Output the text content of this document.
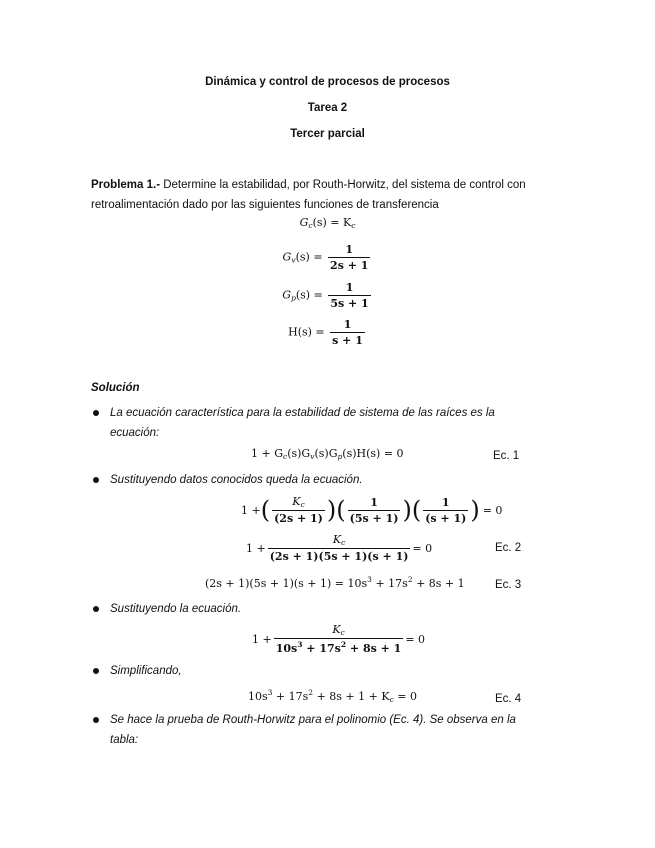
Dinámica y control de procesos de procesos
Tarea 2
Tercer parcial
Problema 1.- Determine la estabilidad, por Routh-Horwitz, del sistema de control con
retroalimentación dado por las siguientes funciones de transferencia
$G_c(s) = K_c$
$G_v(s) = \frac{1}{2s + 1}$
$G_p(s) = \frac{1}{5s + 1}$
$H(s) = \frac{1}{s + 1}$
Solución
La ecuación característica para la estabilidad de sistema de las raíces es la
ecuación:
$1 + G_c(s)G_v(s)G_p(s)H(s) = 0$	Ec. 1
Sustituyendo datos conocidos queda la ecuación.
1 + ( $\frac{K_c}{(2s + 1)}$ ) ( $\frac{1}{(5s + 1)}$ ) ( $\frac{1}{(s + 1)}$ ) = 0
$1 + \frac{K_c}{(2s + 1)(5s + 1)(s + 1)} = 0$	Ec. 2
$(2s + 1)(5s + 1)(s + 1) = 10s^3 + 17s^2 + 8s + 1$	Ec. 3
Sustituyendo la ecuación.
$1 + \frac{K_c}{10s^3 + 17s^2 + 8s + 1} = 0$
Simplificando,
$10s^3 + 17s^2 + 8s + 1 + K_c = 0$	Ec. 4
Se hace la prueba de Routh-Horwitz para el polinomio (Ec. 4). Se observa en la
tabla:
